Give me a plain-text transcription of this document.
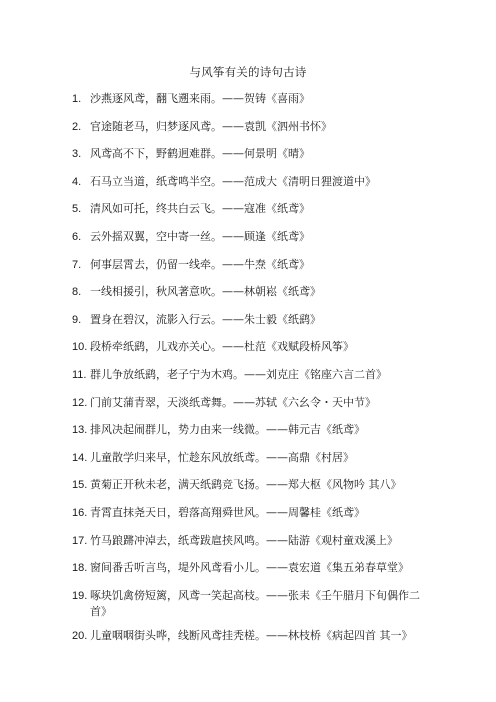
与风筝有关的诗句古诗
1. 沙燕逐风鸢，翻飞遡来雨。——贺铸《喜雨》
2. 官途随老马，归梦逐风鸢。——袁凯《泗州书怀》
3. 风鸢高不下，野鹤迥难群。——何景明《晴》
4. 石马立当道，纸鸢鸣半空。——范成大《清明日狸渡道中》
5. 清风如可托，终共白云飞。——寇准《纸鸢》
6. 云外摇双翼，空中寄一丝。——顾逢《纸鸢》
7. 何事层霄去，仍留一线牵。——牛焘《纸鸢》
8. 一线相援引，秋风著意吹。——林朝崧《纸鸢》
9. 置身在碧汉，流影入行云。——朱士毅《纸鹞》
10. 段桥牵纸鹞，儿戏亦关心。——杜范《戏赋段桥风筝》
11. 群儿争放纸鹞，老子宁为木鸡。——刘克庄《铭座六言二首》
12. 门前艾蒲青翠，天淡纸鸢舞。——苏轼《六幺令・天中节》
13. 排风决起闹群儿，势力由来一线微。——韩元吉《纸鸢》
14. 儿童散学归来早，忙趁东风放纸鸢。——高鼎《村居》
15. 黄菊正开秋未老，满天纸鹞竞飞扬。——郑大枢《风物吟 其八》
16. 青霄直抹尧天日，碧落高翔舜世风。——周馨桂《纸鸢》
17. 竹马踉蹡冲淖去，纸鸢跋扈挟风鸣。——陆游《观村童戏溪上》
18. 窗间番舌听言鸟，堤外风鸢看小儿。——袁宏道《集五弟春草堂》
19. 啄块饥禽傍短篱，风鸢一笑起高枝。——张耒《壬午腊月下旬偶作二首》
20. 儿童咽咽街头哗，线断风鸢挂秃槎。——林枝桥《病起四首 其一》
